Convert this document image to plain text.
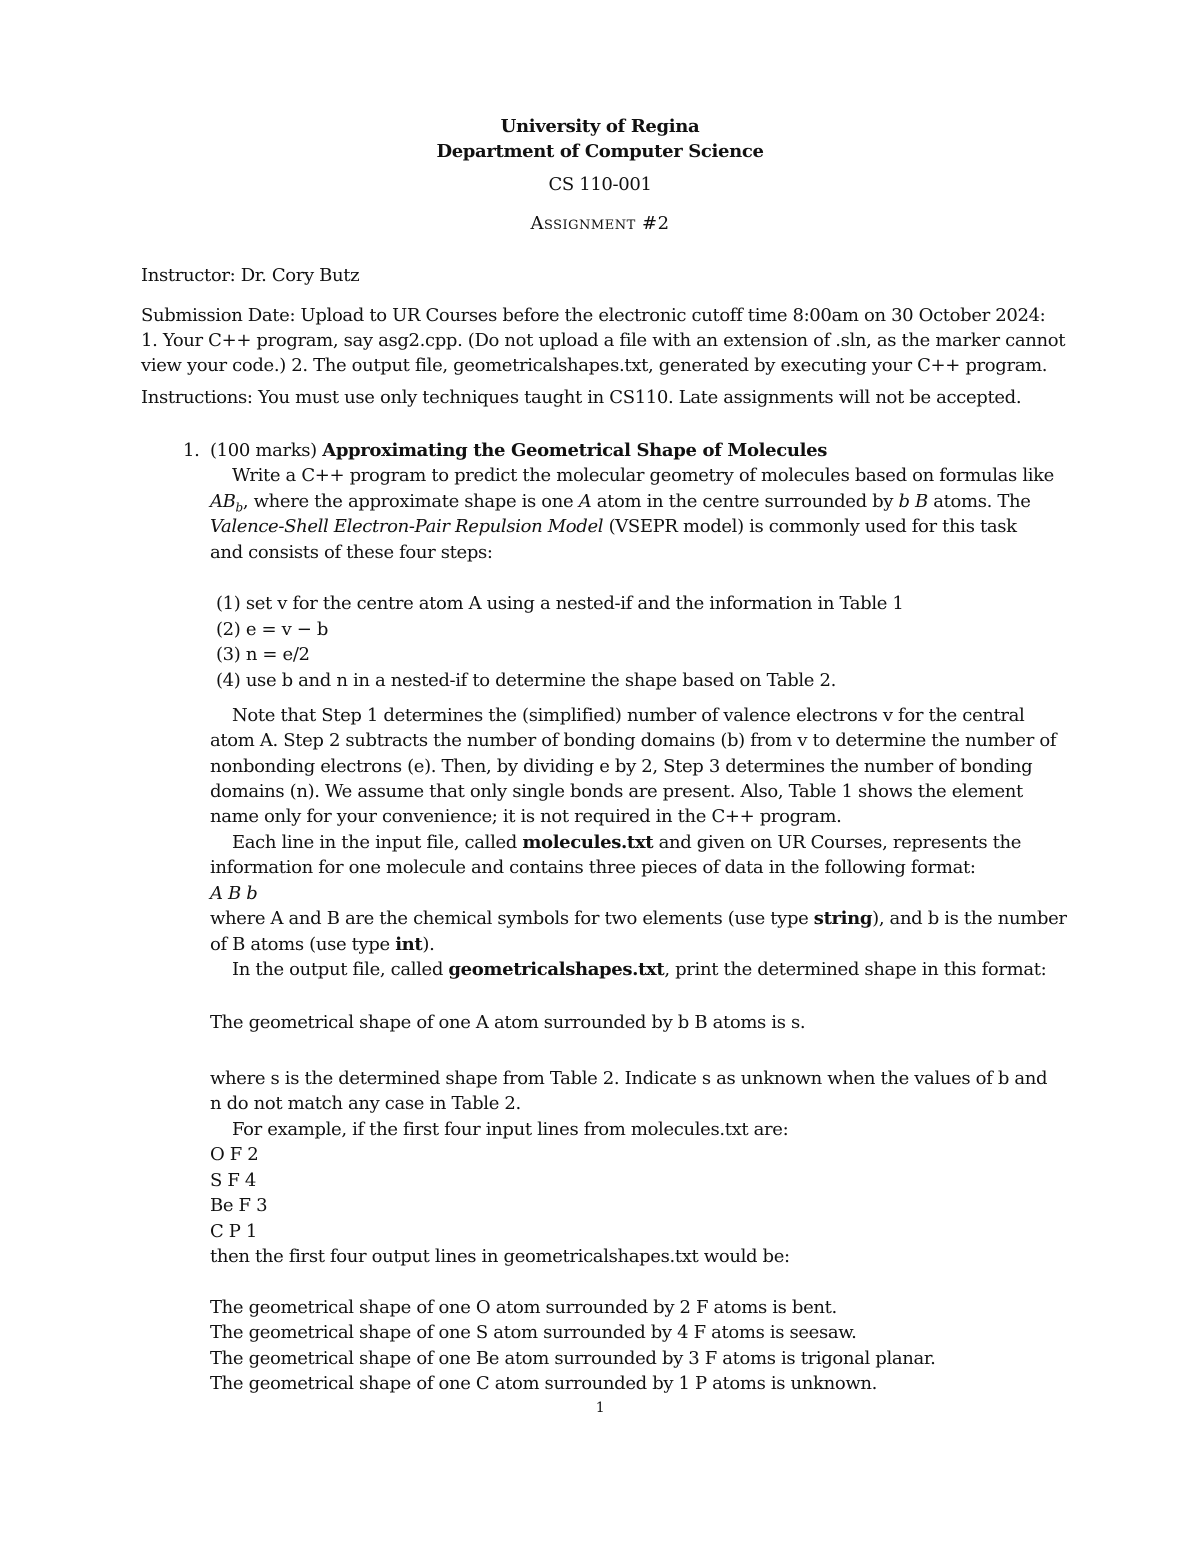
University of Regina
Department of Computer Science
CS 110-001
Assignment #2
Instructor: Dr. Cory Butz
Submission Date: Upload to UR Courses before the electronic cutoff time 8:00am on 30 October 2024:
1. Your C++ program, say asg2.cpp. (Do not upload a file with an extension of .sln, as the marker cannot
view your code.) 2. The output file, geometricalshapes.txt, generated by executing your C++ program.
Instructions: You must use only techniques taught in CS110. Late assignments will not be accepted.
1. (100 marks) Approximating the Geometrical Shape of Molecules
Write a C++ program to predict the molecular geometry of molecules based on formulas like
$AB_b$, where the approximate shape is one A atom in the centre surrounded by b B atoms. The
Valence-Shell Electron-Pair Repulsion Model (VSEPR model) is commonly used for this task
and consists of these four steps:
(1) set v for the centre atom A using a nested-if and the information in Table 1
(2) e = v − b
(3) n = e/2
(4) use b and n in a nested-if to determine the shape based on Table 2.
Note that Step 1 determines the (simplified) number of valence electrons v for the central
atom A. Step 2 subtracts the number of bonding domains (b) from v to determine the number of
nonbonding electrons (e). Then, by dividing e by 2, Step 3 determines the number of bonding
domains (n). We assume that only single bonds are present. Also, Table 1 shows the element
name only for your convenience; it is not required in the C++ program.
Each line in the input file, called molecules.txt and given on UR Courses, represents the
information for one molecule and contains three pieces of data in the following format:
A B b
where A and B are the chemical symbols for two elements (use type string), and b is the number
of B atoms (use type int).
In the output file, called geometricalshapes.txt, print the determined shape in this format:
The geometrical shape of one A atom surrounded by b B atoms is s.
where s is the determined shape from Table 2. Indicate s as unknown when the values of b and
n do not match any case in Table 2.
For example, if the first four input lines from molecules.txt are:
O F 2
S F 4
Be F 3
C P 1
then the first four output lines in geometricalshapes.txt would be:
The geometrical shape of one O atom surrounded by 2 F atoms is bent.
The geometrical shape of one S atom surrounded by 4 F atoms is seesaw.
The geometrical shape of one Be atom surrounded by 3 F atoms is trigonal planar.
The geometrical shape of one C atom surrounded by 1 P atoms is unknown.
1
